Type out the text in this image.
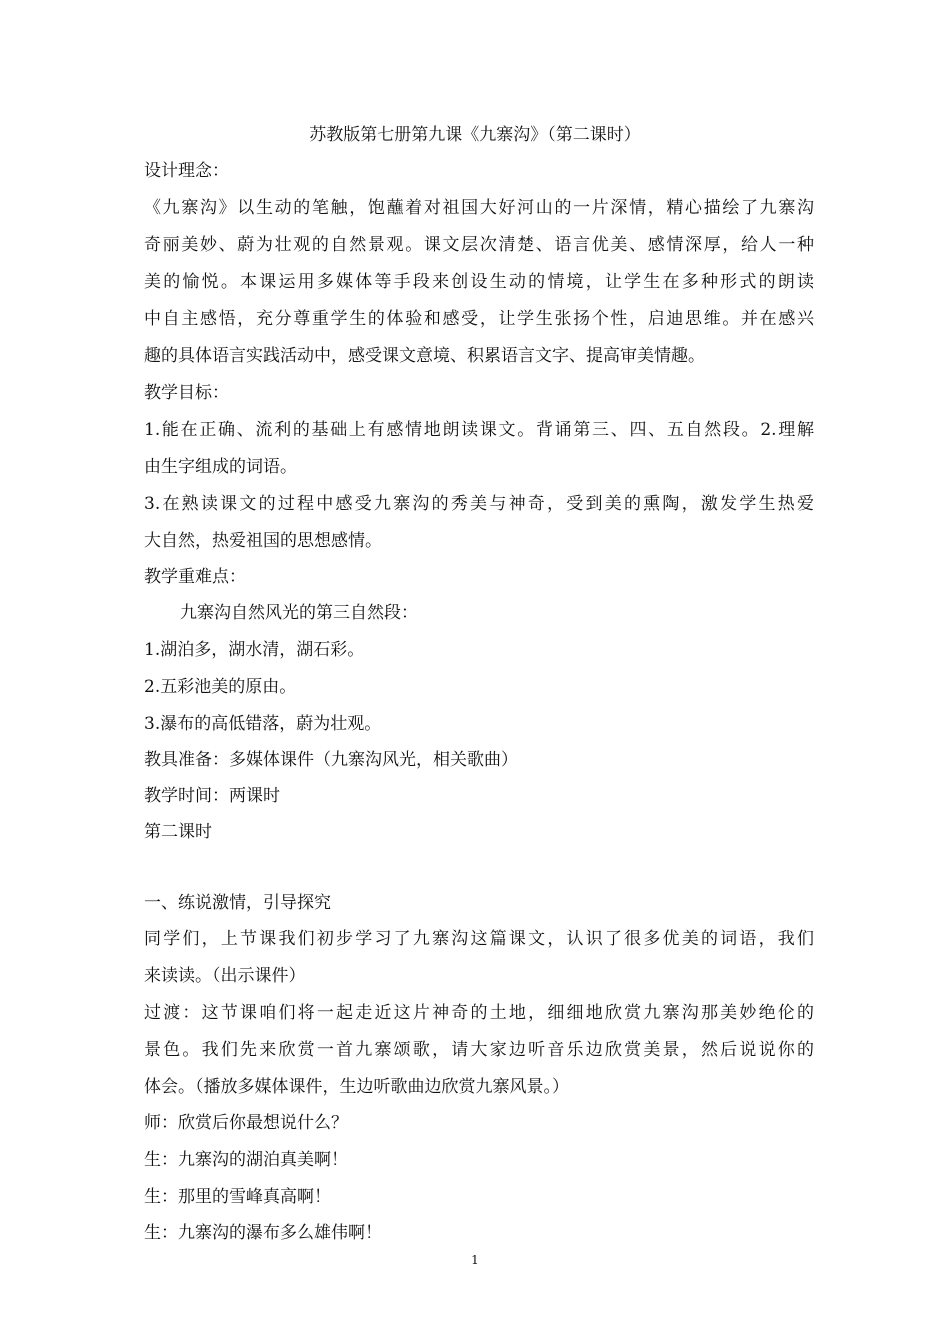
苏教版第七册第九课《九寨沟》（第二课时）
设计理念：
《九寨沟》以生动的笔触，饱蘸着对祖国大好河山的一片深情，精心描绘了九寨沟
奇丽美妙、蔚为壮观的自然景观。课文层次清楚、语言优美、感情深厚，给人一种
美的愉悦。本课运用多媒体等手段来创设生动的情境，让学生在多种形式的朗读
中自主感悟，充分尊重学生的体验和感受，让学生张扬个性，启迪思维。并在感兴
趣的具体语言实践活动中，感受课文意境、积累语言文字、提高审美情趣。
教学目标：
1.能在正确、流利的基础上有感情地朗读课文。背诵第三、四、五自然段。2.理解
由生字组成的词语。
3.在熟读课文的过程中感受九寨沟的秀美与神奇，受到美的熏陶，激发学生热爱
大自然，热爱祖国的思想感情。
教学重难点：
九寨沟自然风光的第三自然段：
1.湖泊多，湖水清，湖石彩。
2.五彩池美的原由。
3.瀑布的高低错落，蔚为壮观。
教具准备：多媒体课件（九寨沟风光，相关歌曲）
教学时间：两课时
第二课时
一、练说激情，引导探究
同学们，上节课我们初步学习了九寨沟这篇课文，认识了很多优美的词语，我们
来读读。（出示课件）
过渡：这节课咱们将一起走近这片神奇的土地，细细地欣赏九寨沟那美妙绝伦的
景色。我们先来欣赏一首九寨颂歌，请大家边听音乐边欣赏美景，然后说说你的
体会。（播放多媒体课件，生边听歌曲边欣赏九寨风景。）
师：欣赏后你最想说什么？
生：九寨沟的湖泊真美啊！
生：那里的雪峰真高啊！
生：九寨沟的瀑布多么雄伟啊！
1
